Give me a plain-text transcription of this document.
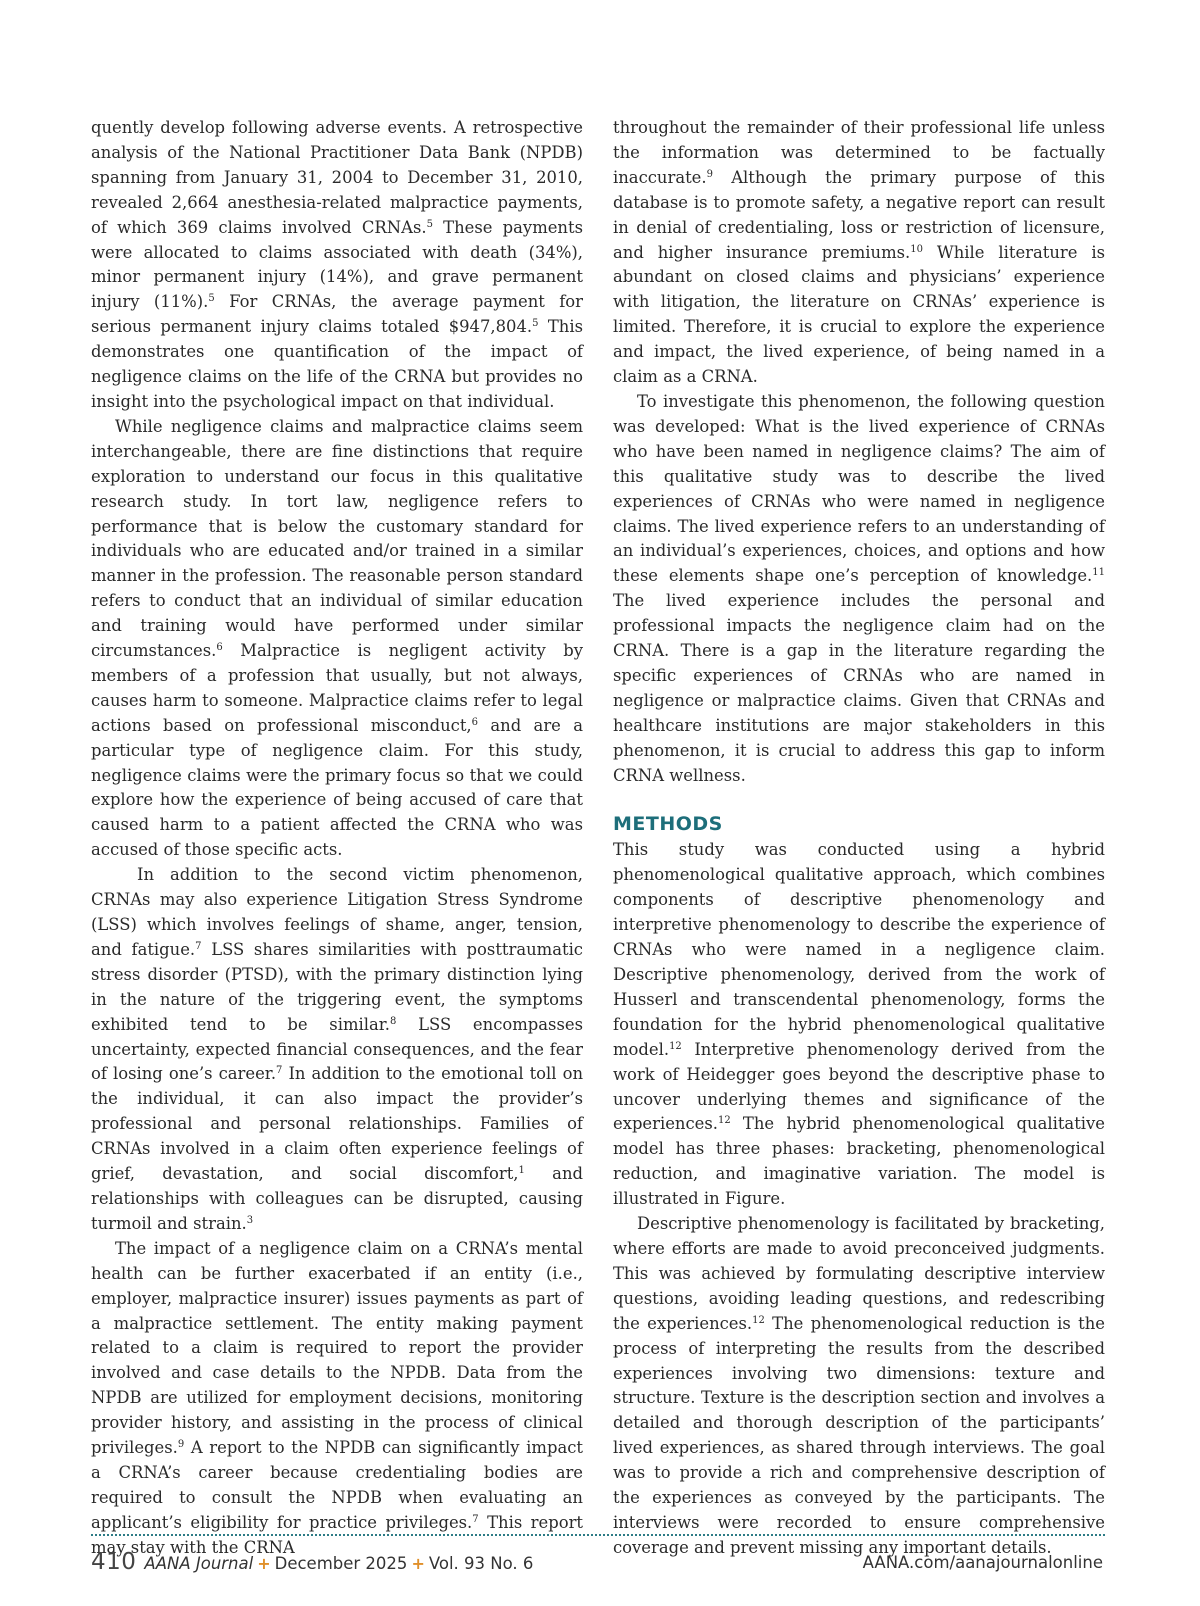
quently develop following adverse events. A retrospective analysis of the National Practitioner Data Bank (NPDB) spanning from January 31, 2004 to December 31, 2010, revealed 2,664 anesthesia-related malpractice payments, of which 369 claims involved CRNAs.$^5$ These payments were allocated to claims associated with death (34%), minor permanent injury (14%), and grave permanent injury (11%).$^5$ For CRNAs, the average payment for serious permanent injury claims totaled $947,804.$^5$ This demonstrates one quantification of the impact of negligence claims on the life of the CRNA but provides no insight into the psychological impact on that individual.

While negligence claims and malpractice claims seem interchangeable, there are fine distinctions that require exploration to understand our focus in this qualitative research study. In tort law, negligence refers to performance that is below the customary standard for individuals who are educated and/or trained in a similar manner in the profession. The reasonable person standard refers to conduct that an individual of similar education and training would have performed under similar circumstances.$^6$ Malpractice is negligent activity by members of a profession that usually, but not always, causes harm to someone. Malpractice claims refer to legal actions based on professional misconduct,$^6$ and are a particular type of negligence claim. For this study, negligence claims were the primary focus so that we could explore how the experience of being accused of care that caused harm to a patient affected the CRNA who was accused of those specific acts.

In addition to the second victim phenomenon, CRNAs may also experience Litigation Stress Syndrome (LSS) which involves feelings of shame, anger, tension, and fatigue.$^7$ LSS shares similarities with posttraumatic stress disorder (PTSD), with the primary distinction lying in the nature of the triggering event, the symptoms exhibited tend to be similar.$^8$ LSS encompasses uncertainty, expected financial consequences, and the fear of losing one’s career.$^7$ In addition to the emotional toll on the individual, it can also impact the provider’s professional and personal relationships. Families of CRNAs involved in a claim often experience feelings of grief, devastation, and social discomfort,$^1$ and relationships with colleagues can be disrupted, causing turmoil and strain.$^3$

The impact of a negligence claim on a CRNA’s mental health can be further exacerbated if an entity (i.e., employer, malpractice insurer) issues payments as part of a malpractice settlement. The entity making payment related to a claim is required to report the provider involved and case details to the NPDB. Data from the NPDB are utilized for employment decisions, monitoring provider history, and assisting in the process of clinical privileges.$^9$ A report to the NPDB can significantly impact a CRNA’s career because credentialing bodies are required to consult the NPDB when evaluating an applicant’s eligibility for practice privileges.$^7$ This report may stay with the CRNA

throughout the remainder of their professional life unless the information was determined to be factually inaccurate.$^9$ Although the primary purpose of this database is to promote safety, a negative report can result in denial of credentialing, loss or restriction of licensure, and higher insurance premiums.$^{10}$ While literature is abundant on closed claims and physicians’ experience with litigation, the literature on CRNAs’ experience is limited. Therefore, it is crucial to explore the experience and impact, the lived experience, of being named in a claim as a CRNA.

To investigate this phenomenon, the following question was developed: What is the lived experience of CRNAs who have been named in negligence claims? The aim of this qualitative study was to describe the lived experiences of CRNAs who were named in negligence claims. The lived experience refers to an understanding of an individual’s experiences, choices, and options and how these elements shape one’s perception of knowledge.$^{11}$ The lived experience includes the personal and professional impacts the negligence claim had on the CRNA. There is a gap in the literature regarding the specific experiences of CRNAs who are named in negligence or malpractice claims. Given that CRNAs and healthcare institutions are major stakeholders in this phenomenon, it is crucial to address this gap to inform CRNA wellness.

METHODS

This study was conducted using a hybrid phenomenological qualitative approach, which combines components of descriptive phenomenology and interpretive phenomenology to describe the experience of CRNAs who were named in a negligence claim. Descriptive phenomenology, derived from the work of Husserl and transcendental phenomenology, forms the foundation for the hybrid phenomenological qualitative model.$^{12}$ Interpretive phenomenology derived from the work of Heidegger goes beyond the descriptive phase to uncover underlying themes and significance of the experiences.$^{12}$ The hybrid phenomenological qualitative model has three phases: bracketing, phenomenological reduction, and imaginative variation. The model is illustrated in Figure.

Descriptive phenomenology is facilitated by bracketing, where efforts are made to avoid preconceived judgments. This was achieved by formulating descriptive interview questions, avoiding leading questions, and redescribing the experiences.$^{12}$ The phenomenological reduction is the process of interpreting the results from the described experiences involving two dimensions: texture and structure. Texture is the description section and involves a detailed and thorough description of the participants’ lived experiences, as shared through interviews. The goal was to provide a rich and comprehensive description of the experiences as conveyed by the participants. The interviews were recorded to ensure comprehensive coverage and prevent missing any important details.

410 AANA Journal + December 2025 + Vol. 93 No. 6	AANA.com/aanajournalonline
